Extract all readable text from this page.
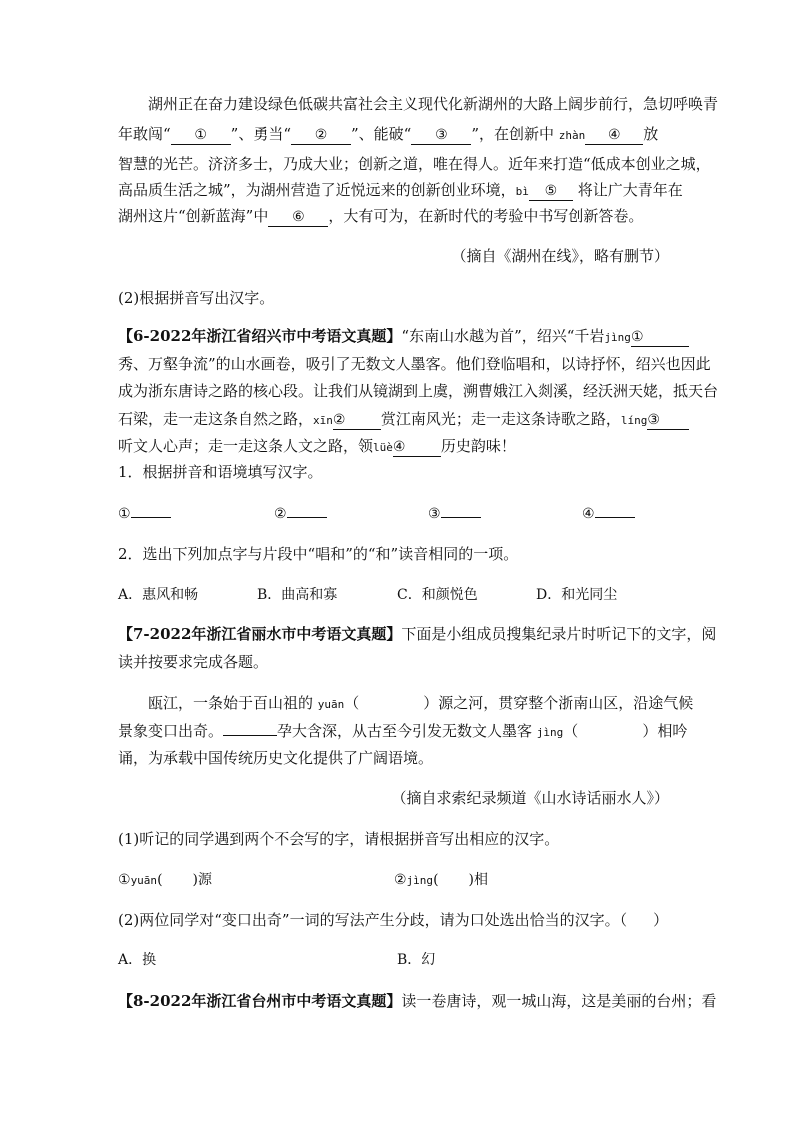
湖州正在奋力建设绿色低碳共富社会主义现代化新湖州的大路上阔步前行，急切呼唤青
年敢闯“ ① ”、勇当“ ② ”、能破“ ③ ”，在创新中 zhàn ④ 放
智慧的光芒。济济多士，乃成大业；创新之道，唯在得人。近年来打造“低成本创业之城，
高品质生活之城”，为湖州营造了近悦远来的创新创业环境，bì ⑤ 将让广大青年在
湖州这片“创新蓝海”中 ⑥ ，大有可为，在新时代的考验中书写创新答卷。
（摘自《湖州在线》，略有删节）
(2)根据拼音写出汉字。
【6-2022年浙江省绍兴市中考语文真题】“东南山水越为首”，绍兴“千岩jìng①
秀、万壑争流”的山水画卷，吸引了无数文人墨客。他们登临唱和，以诗抒怀，绍兴也因此
成为浙东唐诗之路的核心段。让我们从镜湖到上虞，溯曹娥江入剡溪，经沃洲天姥，抵天台
石梁，走一走这条自然之路，xīn② 赏江南风光；走一走这条诗歌之路，líng③
听文人心声；走一走这条人文之路，领lüè④ 历史韵味！
1．根据拼音和语境填写汉字。
①	②	③	④
2．选出下列加点字与片段中“唱和”的“和”读音相同的一项。
A．惠风和畅	B．曲高和寡	C．和颜悦色	D．和光同尘
【7-2022年浙江省丽水市中考语文真题】下面是小组成员搜集纪录片时听记下的文字，阅
读并按要求完成各题。
瓯江，一条始于百山祖的 yuān（	）源之河，贯穿整个浙南山区，沿途气候
景象变口出奇。	孕大含深，从古至今引发无数文人墨客 jìng（	）相吟
诵，为承载中国传统历史文化提供了广阔语境。
（摘自求索纪录频道《山水诗话丽水人》）
(1)听记的同学遇到两个不会写的字，请根据拼音写出相应的汉字。
①yuān( )源	②jìng( )相
(2)两位同学对“变口出奇”一词的写法产生分歧，请为口处选出恰当的汉字。（ ）
A．换	B．幻
【8-2022年浙江省台州市中考语文真题】读一卷唐诗，观一城山海，这是美丽的台州；看
